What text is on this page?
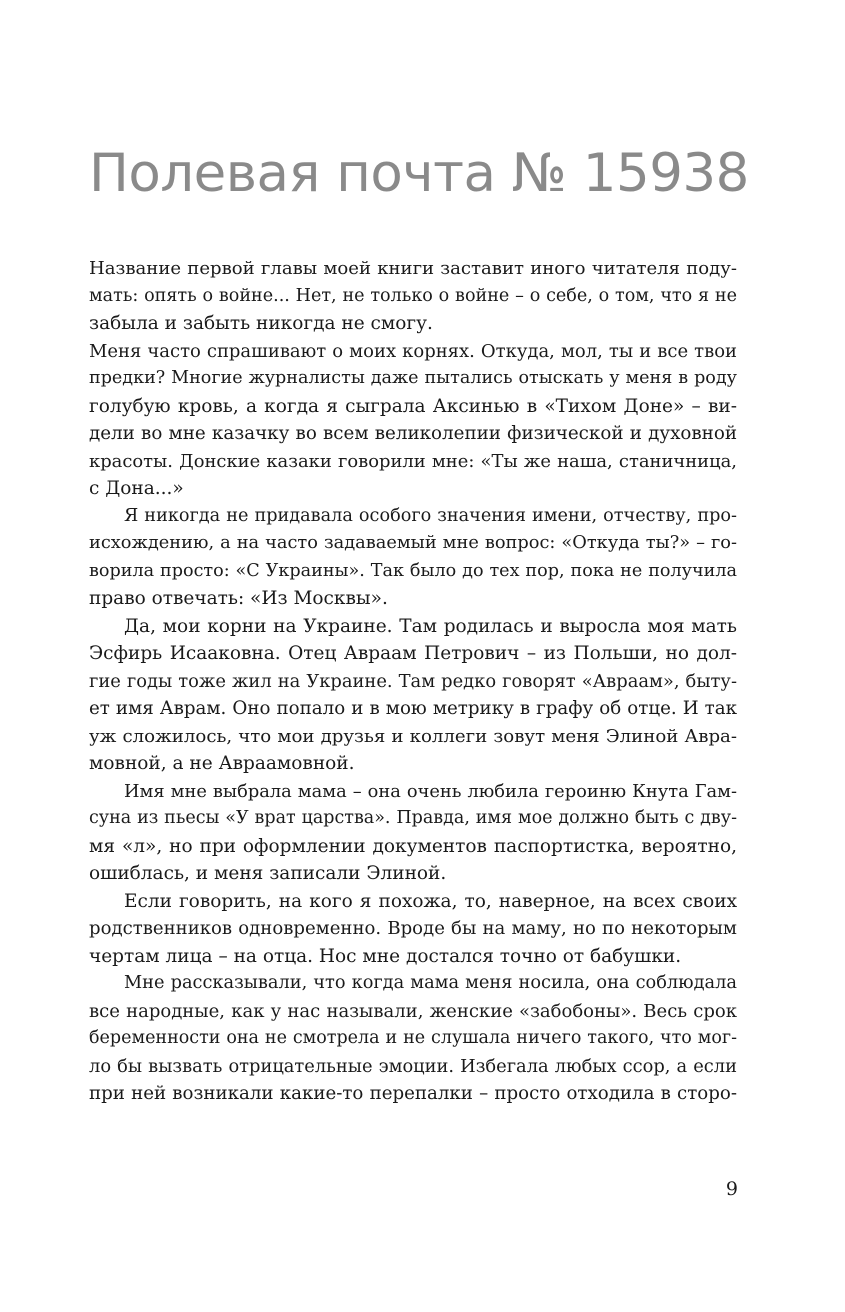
Полевая почта № 15938
Название первой главы моей книги заставит иного читателя поду-
мать: опять о войне... Нет, не только о войне – о себе, о том, что я не
забыла и забыть никогда не смогу.
Меня часто спрашивают о моих корнях. Откуда, мол, ты и все твои
предки? Многие журналисты даже пытались отыскать у меня в роду
голубую кровь, а когда я сыграла Аксинью в «Тихом Доне» – ви-
дели во мне казачку во всем великолепии физической и духовной
красоты. Донские казаки говорили мне: «Ты же наша, станичница,
с Дона...»
Я никогда не придавала особого значения имени, отчеству, про-
исхождению, а на часто задаваемый мне вопрос: «Откуда ты?» – го-
ворила просто: «С Украины». Так было до тех пор, пока не получила
право отвечать: «Из Москвы».
Да, мои корни на Украине. Там родилась и выросла моя мать
Эсфирь Исааковна. Отец Авраам Петрович – из Польши, но дол-
гие годы тоже жил на Украине. Там редко говорят «Авраам», быту-
ет имя Аврам. Оно попало и в мою метрику в графу об отце. И так
уж сложилось, что мои друзья и коллеги зовут меня Элиной Авра-
мовной, а не Авраамовной.
Имя мне выбрала мама – она очень любила героиню Кнута Гам-
суна из пьесы «У врат царства». Правда, имя мое должно быть с дву-
мя «л», но при оформлении документов паспортистка, вероятно,
ошиблась, и меня записали Элиной.
Если говорить, на кого я похожа, то, наверное, на всех своих
родственников одновременно. Вроде бы на маму, но по некоторым
чертам лица – на отца. Нос мне достался точно от бабушки.
Мне рассказывали, что когда мама меня носила, она соблюдала
все народные, как у нас называли, женские «забобоны». Весь срок
беременности она не смотрела и не слушала ничего такого, что мог-
ло бы вызвать отрицательные эмоции. Избегала любых ссор, а если
при ней возникали какие-то перепалки – просто отходила в сторо-
9
